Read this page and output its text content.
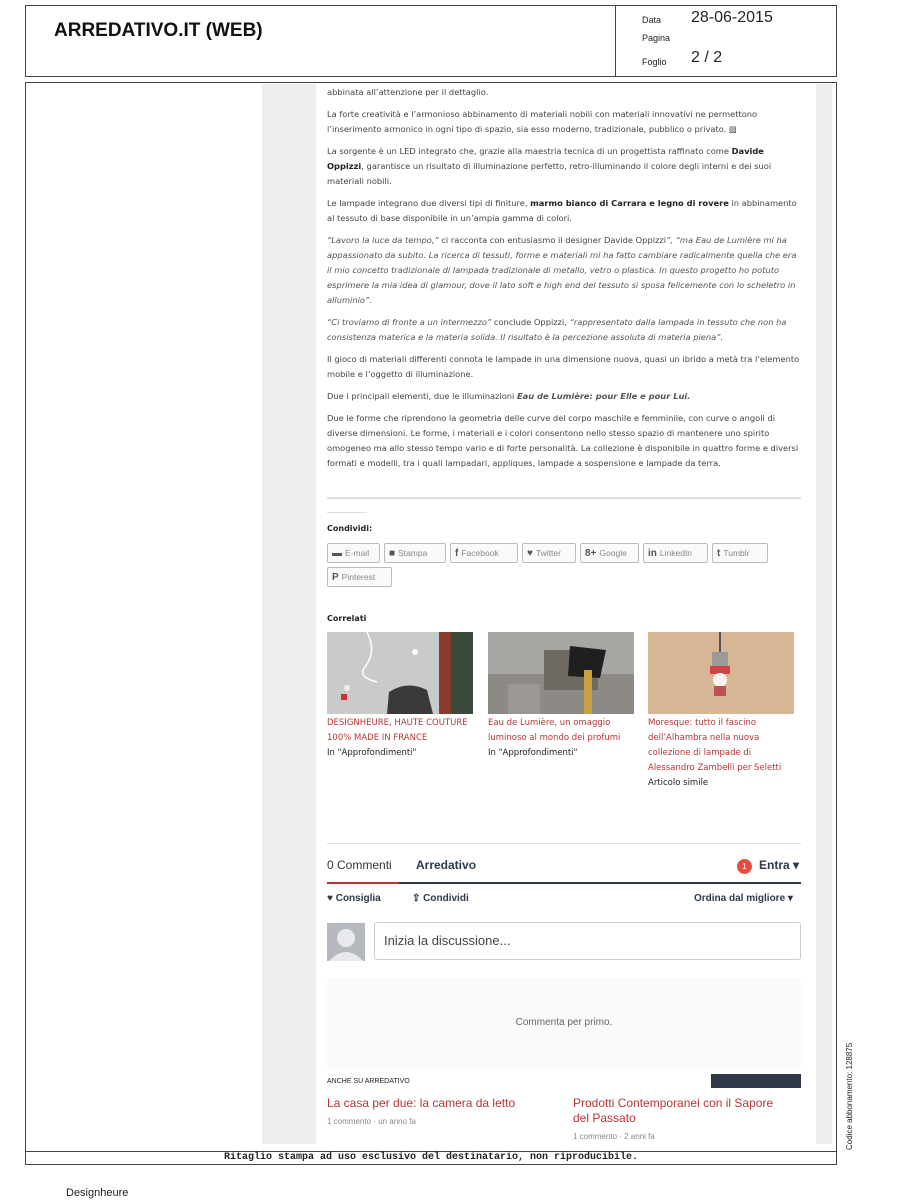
ARREDATIVO.IT (WEB)	Data 28-06-2015
Pagina
Foglio 2 / 2

abbinata all’attenzione per il dettaglio.

La forte creatività e l’armonioso abbinamento di materiali nobili con materiali innovativi ne permettono l’inserimento armonico in ogni tipo di spazio, sia esso moderno, tradizionale, pubblico o privato. ▨

La sorgente è un LED integrato che, grazie alla maestria tecnica di un progettista raffinato come Davide Oppizzi, garantisce un risultato di illuminazione perfetto, retro-illuminando il colore degli interni e dei suoi materiali nobili.

Le lampade integrano due diversi tipi di finiture, marmo bianco di Carrara e legno di rovere in abbinamento al tessuto di base disponibile in un’ampia gamma di colori.

“Lavoro la luce da tempo,” ci racconta con entusiasmo il designer Davide Oppizzi”, “ma Eau de Lumière mi ha appassionato da subito. La ricerca di tessuti, forme e materiali mi ha fatto cambiare radicalmente quella che era il mio concetto tradizionale di lampada tradizionale di metallo, vetro o plastica. In questo progetto ho potuto esprimere la mia idea di glamour, dove il lato soft e high end del tessuto si sposa felicemente con lo scheletro in alluminio”.

“Ci troviamo di fronte a un intermezzo” conclude Oppizzi, “rappresentato dalla lampada in tessuto che non ha consistenza materica e la materia solida. Il risultato è la percezione assoluta di materia piena”.

Il gioco di materiali differenti connota le lampade in una dimensione nuova, quasi un ibrido a metà tra l’elemento mobile e l’oggetto di illuminazione.

Due i principali elementi, due le illuminazioni Eau de Lumière: pour Elle e pour Lui.

Due le forme che riprendono la geometria delle curve del corpo maschile e femminile, con curve o angoli di diverse dimensioni. Le forme, i materiali e i colori consentono nello stesso spazio di mantenere uno spirito omogeneo ma allo stesso tempo vario e di forte personalità. La collezione è disponibile in quattro forme e diversi formati e modelli, tra i quali lampadari, appliques, lampade a sospensione e lampade da terra.

Condividi:
▬ E-mail ■ Stampa	f Facebook	♥ Twitter 8+ Google in LinkedIn t Tumblr
P Pinterest
Correlati
DESIGNHEURE, HAUTE COUTURE 100% MADE IN FRANCE
In "Approfondimenti"
Eau de Lumière, un omaggio luminoso al mondo dei profumi
In "Approfondimenti"
Moresque: tutto il fascino dell’Alhambra nella nuova collezione di lampade di Alessandro Zambelli per Seletti
Articolo simile
0 Commenti	Arredativo	1	Entra ▾
♥ Consiglia	⇪ Condividi	Ordina dal migliore ▾
Inizia la discussione...
Commenta per primo.
ANCHE SU ARREDATIVO
La casa per due: la camera da letto
1 commento · un anno fa
Prodotti Contemporanei con il Sapore del Passato
1 commento · 2 anni fa
Ritaglio stampa ad uso esclusivo del destinatario, non riproducibile.
Codice abbonamento: 128875
Designheure
